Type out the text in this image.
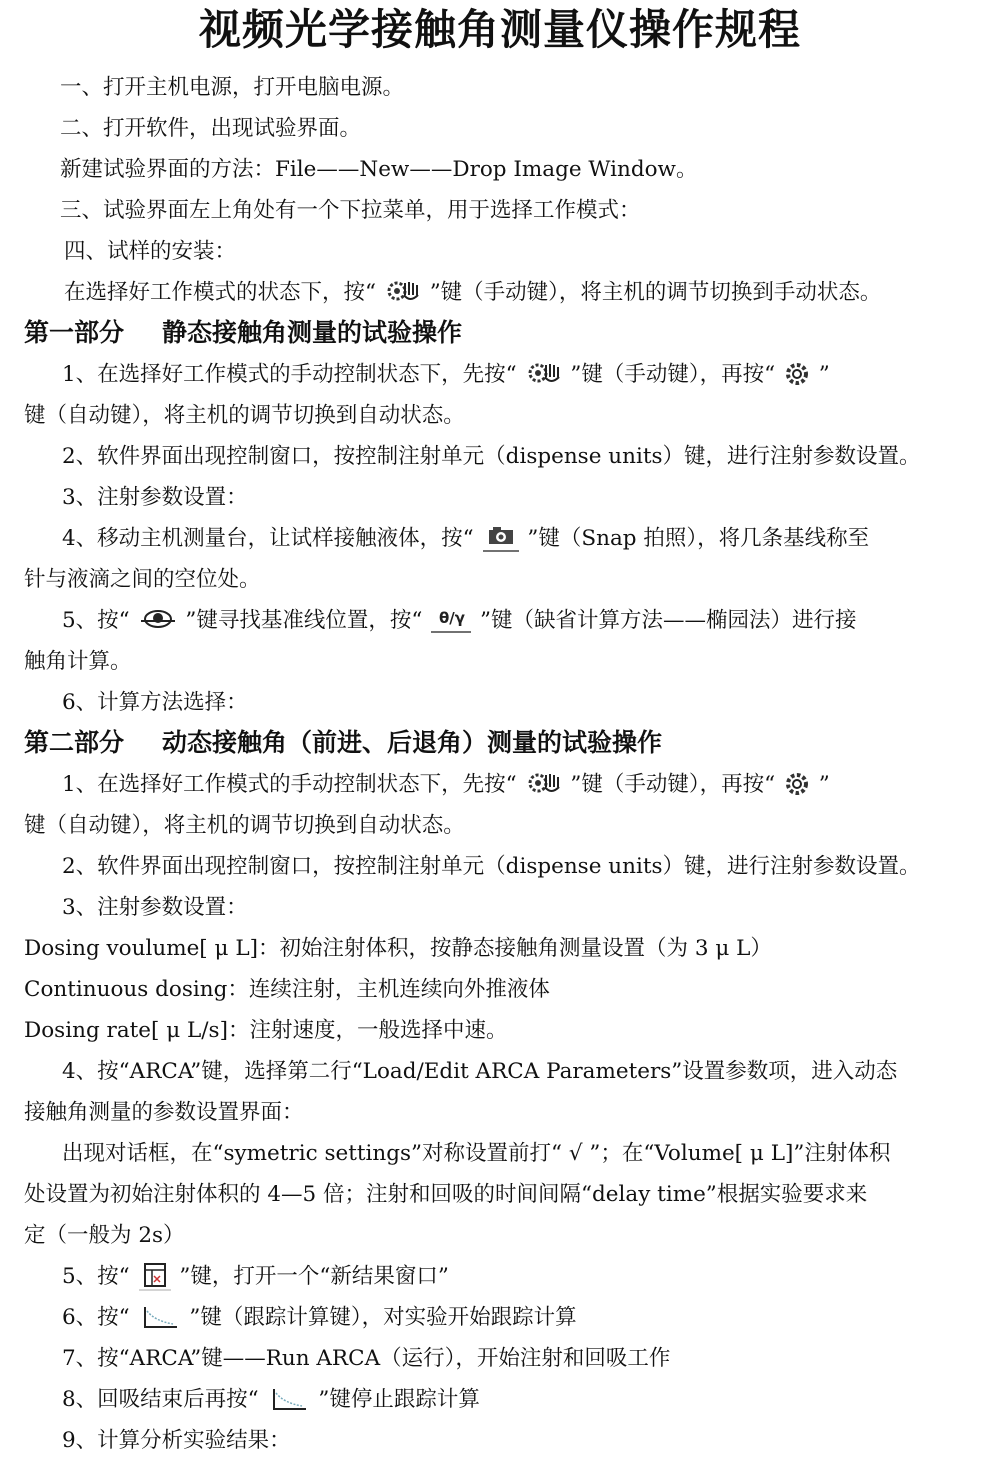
视频光学接触角测量仪操作规程
一、打开主机电源，打开电脑电源。
二、打开软件，出现试验界面。
新建试验界面的方法：File——New——Drop Image Window。
三、试验界面左上角处有一个下拉菜单，用于选择工作模式：
四、试样的安装：
在选择好工作模式的状态下，按“ ”键（手动键），将主机的调节切换到手动状态。
第一部分 静态接触角测量的试验操作
1、在选择好工作模式的手动控制状态下，先按“ ”键（手动键），再按“ ”
键（自动键），将主机的调节切换到自动状态。
2、软件界面出现控制窗口，按控制注射单元（dispense units）键，进行注射参数设置。
3、注射参数设置：
4、移动主机测量台，让试样接触液体，按“ ”键（Snap 拍照），将几条基线称至
针与液滴之间的空位处。
5、按“	”键寻找基准线位置，按“ θ/γ ”键（缺省计算方法——椭园法）进行接
触角计算。
6、计算方法选择：
第二部分 动态接触角（前进、后退角）测量的试验操作
1、在选择好工作模式的手动控制状态下，先按“ ”键（手动键），再按“ ”
键（自动键），将主机的调节切换到自动状态。
2、软件界面出现控制窗口，按控制注射单元（dispense units）键，进行注射参数设置。
3、注射参数设置：
Dosing voulume[ μ L]：初始注射体积，按静态接触角测量设置（为 3 μ L）
Continuous dosing：连续注射，主机连续向外推液体
Dosing rate[ μ L/s]：注射速度，一般选择中速。
4、按“ARCA”键，选择第二行“Load/Edit ARCA Parameters”设置参数项，进入动态
接触角测量的参数设置界面：
出现对话框，在“symetric settings”对称设置前打“ √ ”；在“Volume[ μ L]”注射体积
处设置为初始注射体积的 4—5 倍；注射和回吸的时间间隔“delay time”根据实验要求来
定（一般为 2s）
5、按“ ”键，打开一个“新结果窗口”
6、按“	”键（跟踪计算键），对实验开始跟踪计算
7、按“ARCA”键——Run ARCA（运行），开始注射和回吸工作
8、回吸结束后再按“	”键停止跟踪计算
9、计算分析实验结果：
